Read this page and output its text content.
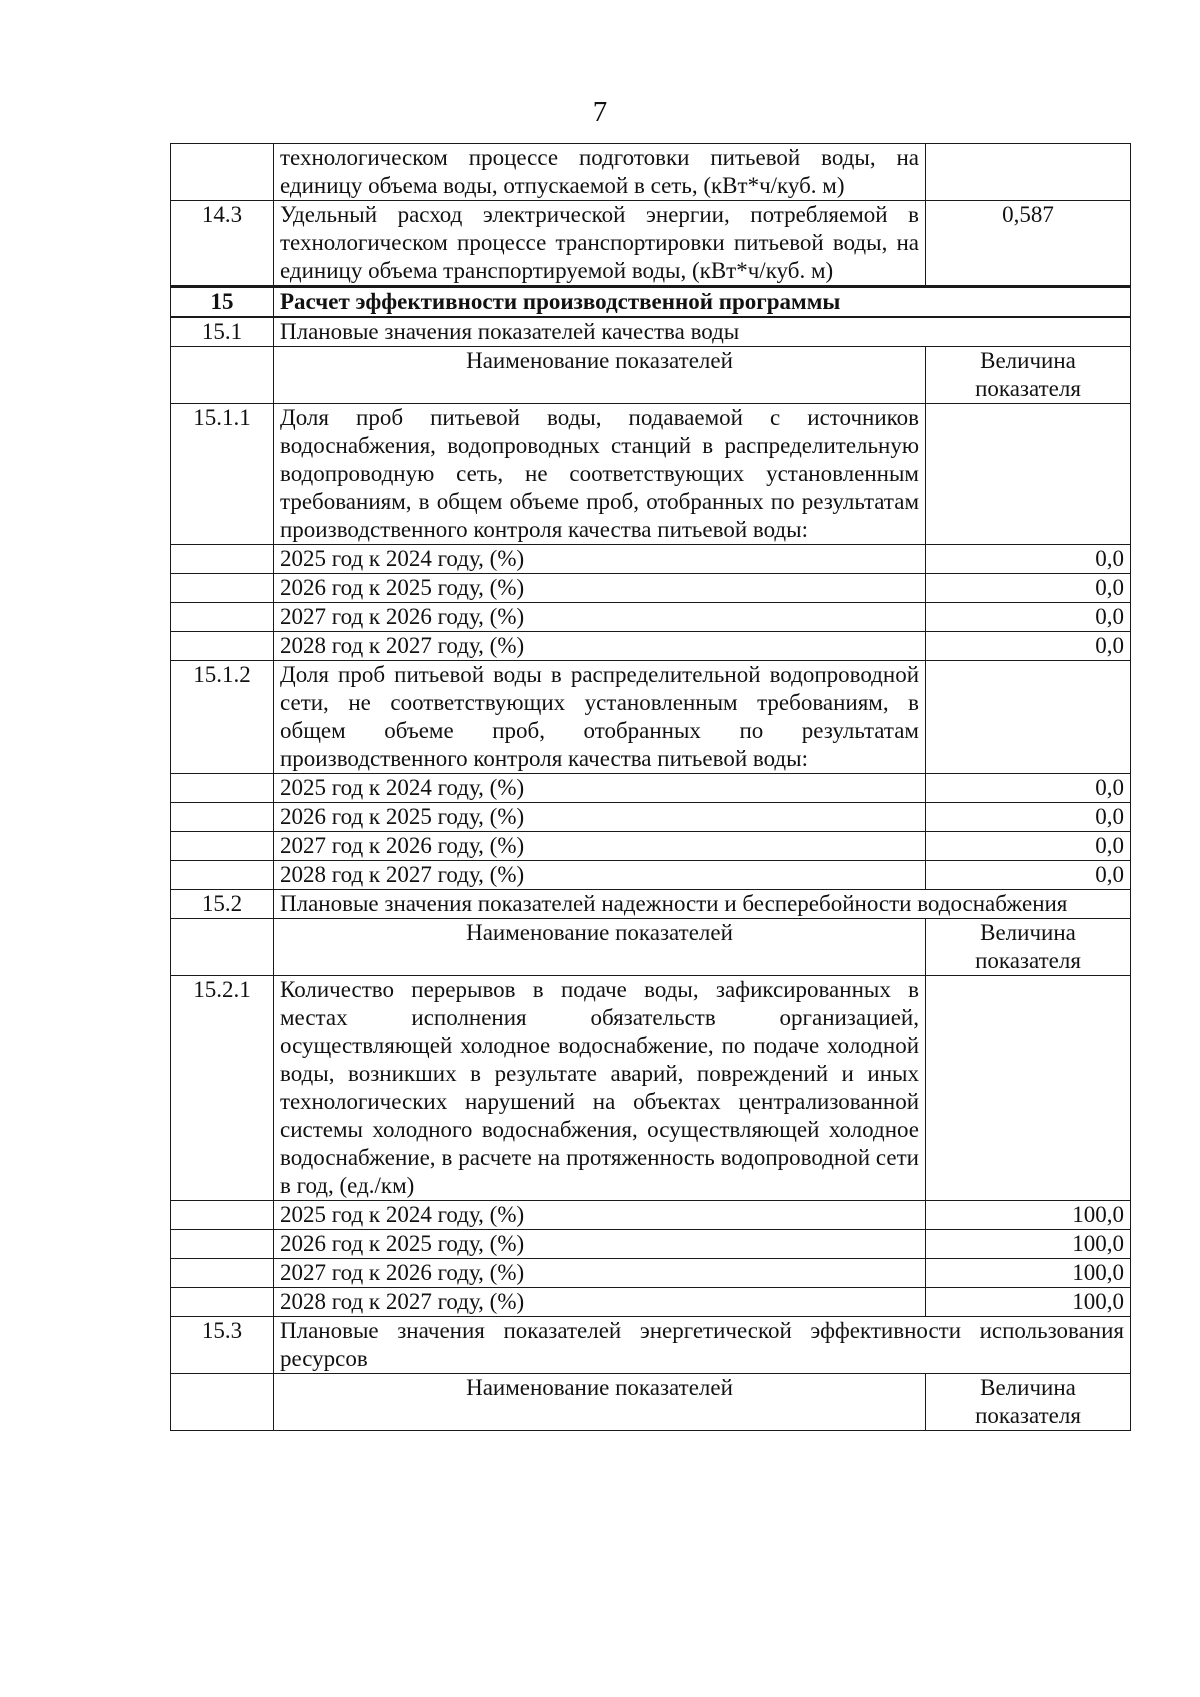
7
	технологическом процессе подготовки питьевой воды, на единицу объема воды, отпускаемой в сеть, (кВт*ч/куб. м)	
14.3	Удельный расход электрической энергии, потребляемой в технологическом процессе транспортировки питьевой воды, на единицу объема транспортируемой воды, (кВт*ч/куб. м)	0,587
15	Расчет эффективности производственной программы	
15.1	Плановые значения показателей качества воды	
	Наименование показателей	Величина показателя
15.1.1	Доля проб питьевой воды, подаваемой с источников водоснабжения, водопроводных станций в распределительную водопроводную сеть, не соответствующих установленным требованиям, в общем объеме проб, отобранных по результатам производственного контроля качества питьевой воды:	
	2025 год к 2024 году, (%)	0,0
	2026 год к 2025 году, (%)	0,0
	2027 год к 2026 году, (%)	0,0
	2028 год к 2027 году, (%)	0,0
15.1.2	Доля проб питьевой воды в распределительной водопроводной сети, не соответствующих установленным требованиям, в общем объеме проб, отобранных по результатам производственного контроля качества питьевой воды:	
	2025 год к 2024 году, (%)	0,0
	2026 год к 2025 году, (%)	0,0
	2027 год к 2026 году, (%)	0,0
	2028 год к 2027 году, (%)	0,0
15.2	Плановые значения показателей надежности и бесперебойности водоснабжения	
	Наименование показателей	Величина показателя
15.2.1	Количество перерывов в подаче воды, зафиксированных в местах исполнения обязательств организацией, осуществляющей холодное водоснабжение, по подаче холодной воды, возникших в результате аварий, повреждений и иных технологических нарушений на объектах централизованной системы холодного водоснабжения, осуществляющей холодное водоснабжение, в расчете на протяженность водопроводной сети в год, (ед./км)	
	2025 год к 2024 году, (%)	100,0
	2026 год к 2025 году, (%)	100,0
	2027 год к 2026 году, (%)	100,0
	2028 год к 2027 году, (%)	100,0
15.3	Плановые значения показателей энергетической эффективности использования ресурсов	
	Наименование показателей	Величина показателя
